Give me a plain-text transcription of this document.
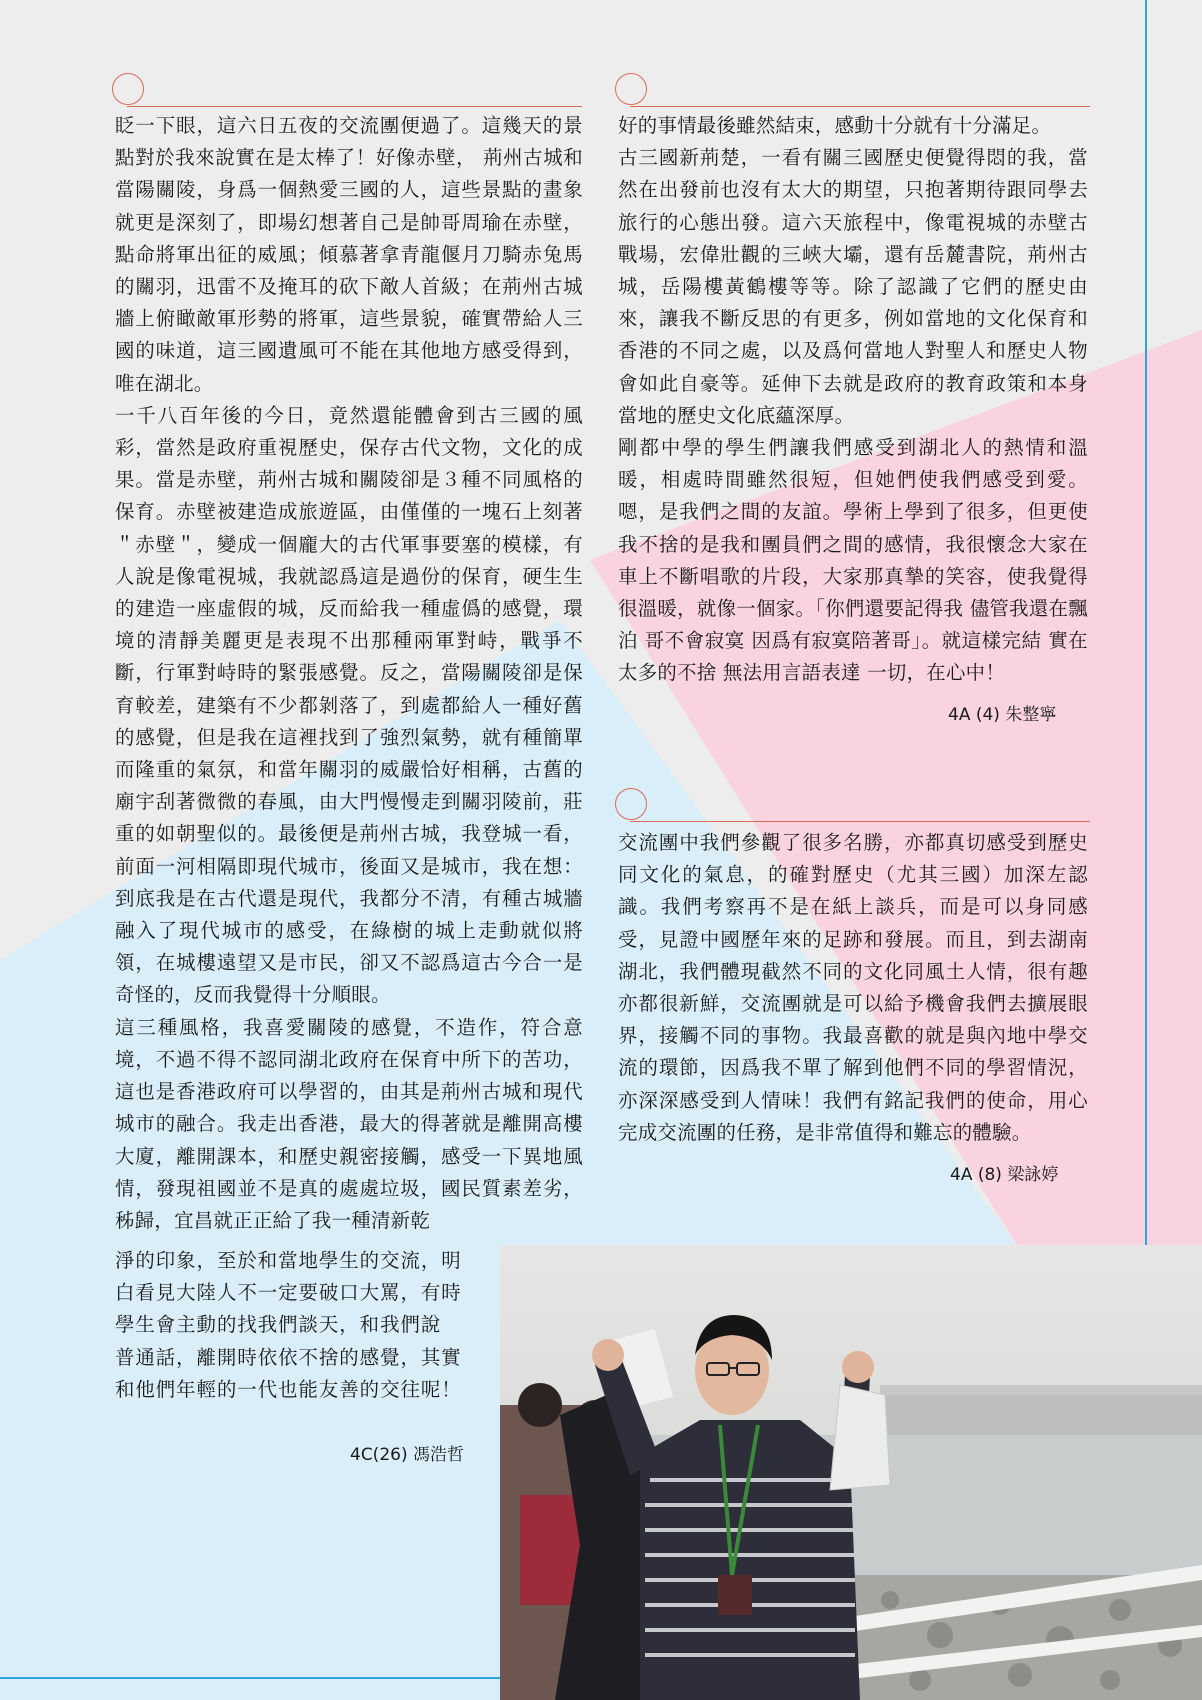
眨一下眼，這六日五夜的交流團便過了。這幾天的景點對於我來說實在是太棒了！好像赤壁， 荊州古城和當陽關陵，身爲一個熱愛三國的人，這些景點的畫象就更是深刻了，即場幻想著自己是帥哥周瑜在赤壁，點命將軍出征的威風；傾慕著拿青龍偃月刀騎赤兔馬的關羽，迅雷不及掩耳的砍下敵人首級；在荊州古城牆上俯瞰敵軍形勢的將軍，這些景貌，確實帶給人三國的味道，這三國遺風可不能在其他地方感受得到，唯在湖北。

一千八百年後的今日，竟然還能體會到古三國的風彩，當然是政府重視歷史，保存古代文物，文化的成果。當是赤壁，荊州古城和關陵卻是３種不同風格的保育。赤壁被建造成旅遊區，由僅僅的一塊石上刻著＂赤壁＂，變成一個龐大的古代軍事要塞的模樣，有人說是像電視城，我就認爲這是過份的保育，硬生生的建造一座虛假的城，反而給我一種虛僞的感覺，環境的清靜美麗更是表現不出那種兩軍對峙，戰爭不斷，行軍對峙時的緊張感覺。反之，當陽關陵卻是保育較差，建築有不少都剝落了，到處都給人一種好舊的感覺，但是我在這裡找到了強烈氣勢，就有種簡單而隆重的氣氛，和當年關羽的威嚴恰好相稱，古舊的廟宇刮著微微的春風，由大門慢慢走到關羽陵前，莊重的如朝聖似的。最後便是荊州古城，我登城一看，前面一河相隔即現代城市，後面又是城市，我在想：到底我是在古代還是現代，我都分不清，有種古城牆融入了現代城市的感受，在綠樹的城上走動就似將領，在城樓遠望又是市民，卻又不認爲這古今合一是奇怪的，反而我覺得十分順眼。

這三種風格，我喜愛關陵的感覺，不造作，符合意境，不過不得不認同湖北政府在保育中所下的苦功，這也是香港政府可以學習的，由其是荊州古城和現代城市的融合。我走出香港，最大的得著就是離開高樓大廈，離開課本，和歷史親密接觸，感受一下異地風情，發現祖國並不是真的處處垃圾，國民質素差劣，秭歸，宜昌就正正給了我一種清新乾

淨的印象，至於和當地學生的交流，明
白看見大陸人不一定要破口大罵，有時
學生會主動的找我們談天，和我們說
普通話，離開時依依不捨的感覺，其實
和他們年輕的一代也能友善的交往呢！
4C(26) 馮浩哲

好的事情最後雖然結束，感動十分就有十分滿足。

古三國新荊楚，一看有關三國歷史便覺得悶的我，當然在出發前也沒有太大的期望，只抱著期待跟同學去旅行的心態出發。這六天旅程中，像電視城的赤壁古戰場，宏偉壯觀的三峽大壩，還有岳麓書院，荊州古城，岳陽樓黃鶴樓等等。除了認識了它們的歷史由來，讓我不斷反思的有更多，例如當地的文化保育和香港的不同之處，以及爲何當地人對聖人和歷史人物會如此自豪等。延伸下去就是政府的教育政策和本身當地的歷史文化底蘊深厚。

剛都中學的學生們讓我們感受到湖北人的熱情和溫暖，相處時間雖然很短，但她們使我們感受到愛。嗯，是我們之間的友誼。學術上學到了很多，但更使我不捨的是我和團員們之間的感情，我很懷念大家在車上不斷唱歌的片段，大家那真摯的笑容，使我覺得很溫暖，就像一個家。「你們還要記得我 儘管我還在飄泊 哥不會寂寞 因爲有寂寞陪著哥」。就這樣完結 實在太多的不捨 無法用言語表達 一切，在心中！

4A (4) 朱整寧

交流團中我們參觀了很多名勝，亦都真切感受到歷史同文化的氣息，的確對歷史（尤其三國）加深左認識。我們考察再不是在紙上談兵，而是可以身同感受，見證中國歷年來的足跡和發展。而且，到去湖南湖北，我們體現截然不同的文化同風土人情，很有趣亦都很新鮮，交流團就是可以給予機會我們去擴展眼界，接觸不同的事物。我最喜歡的就是與內地中學交流的環節，因爲我不單了解到他們不同的學習情況，亦深深感受到人情味！我們有銘記我們的使命，用心完成交流團的任務，是非常值得和難忘的體驗。

4A (8) 梁詠婷
